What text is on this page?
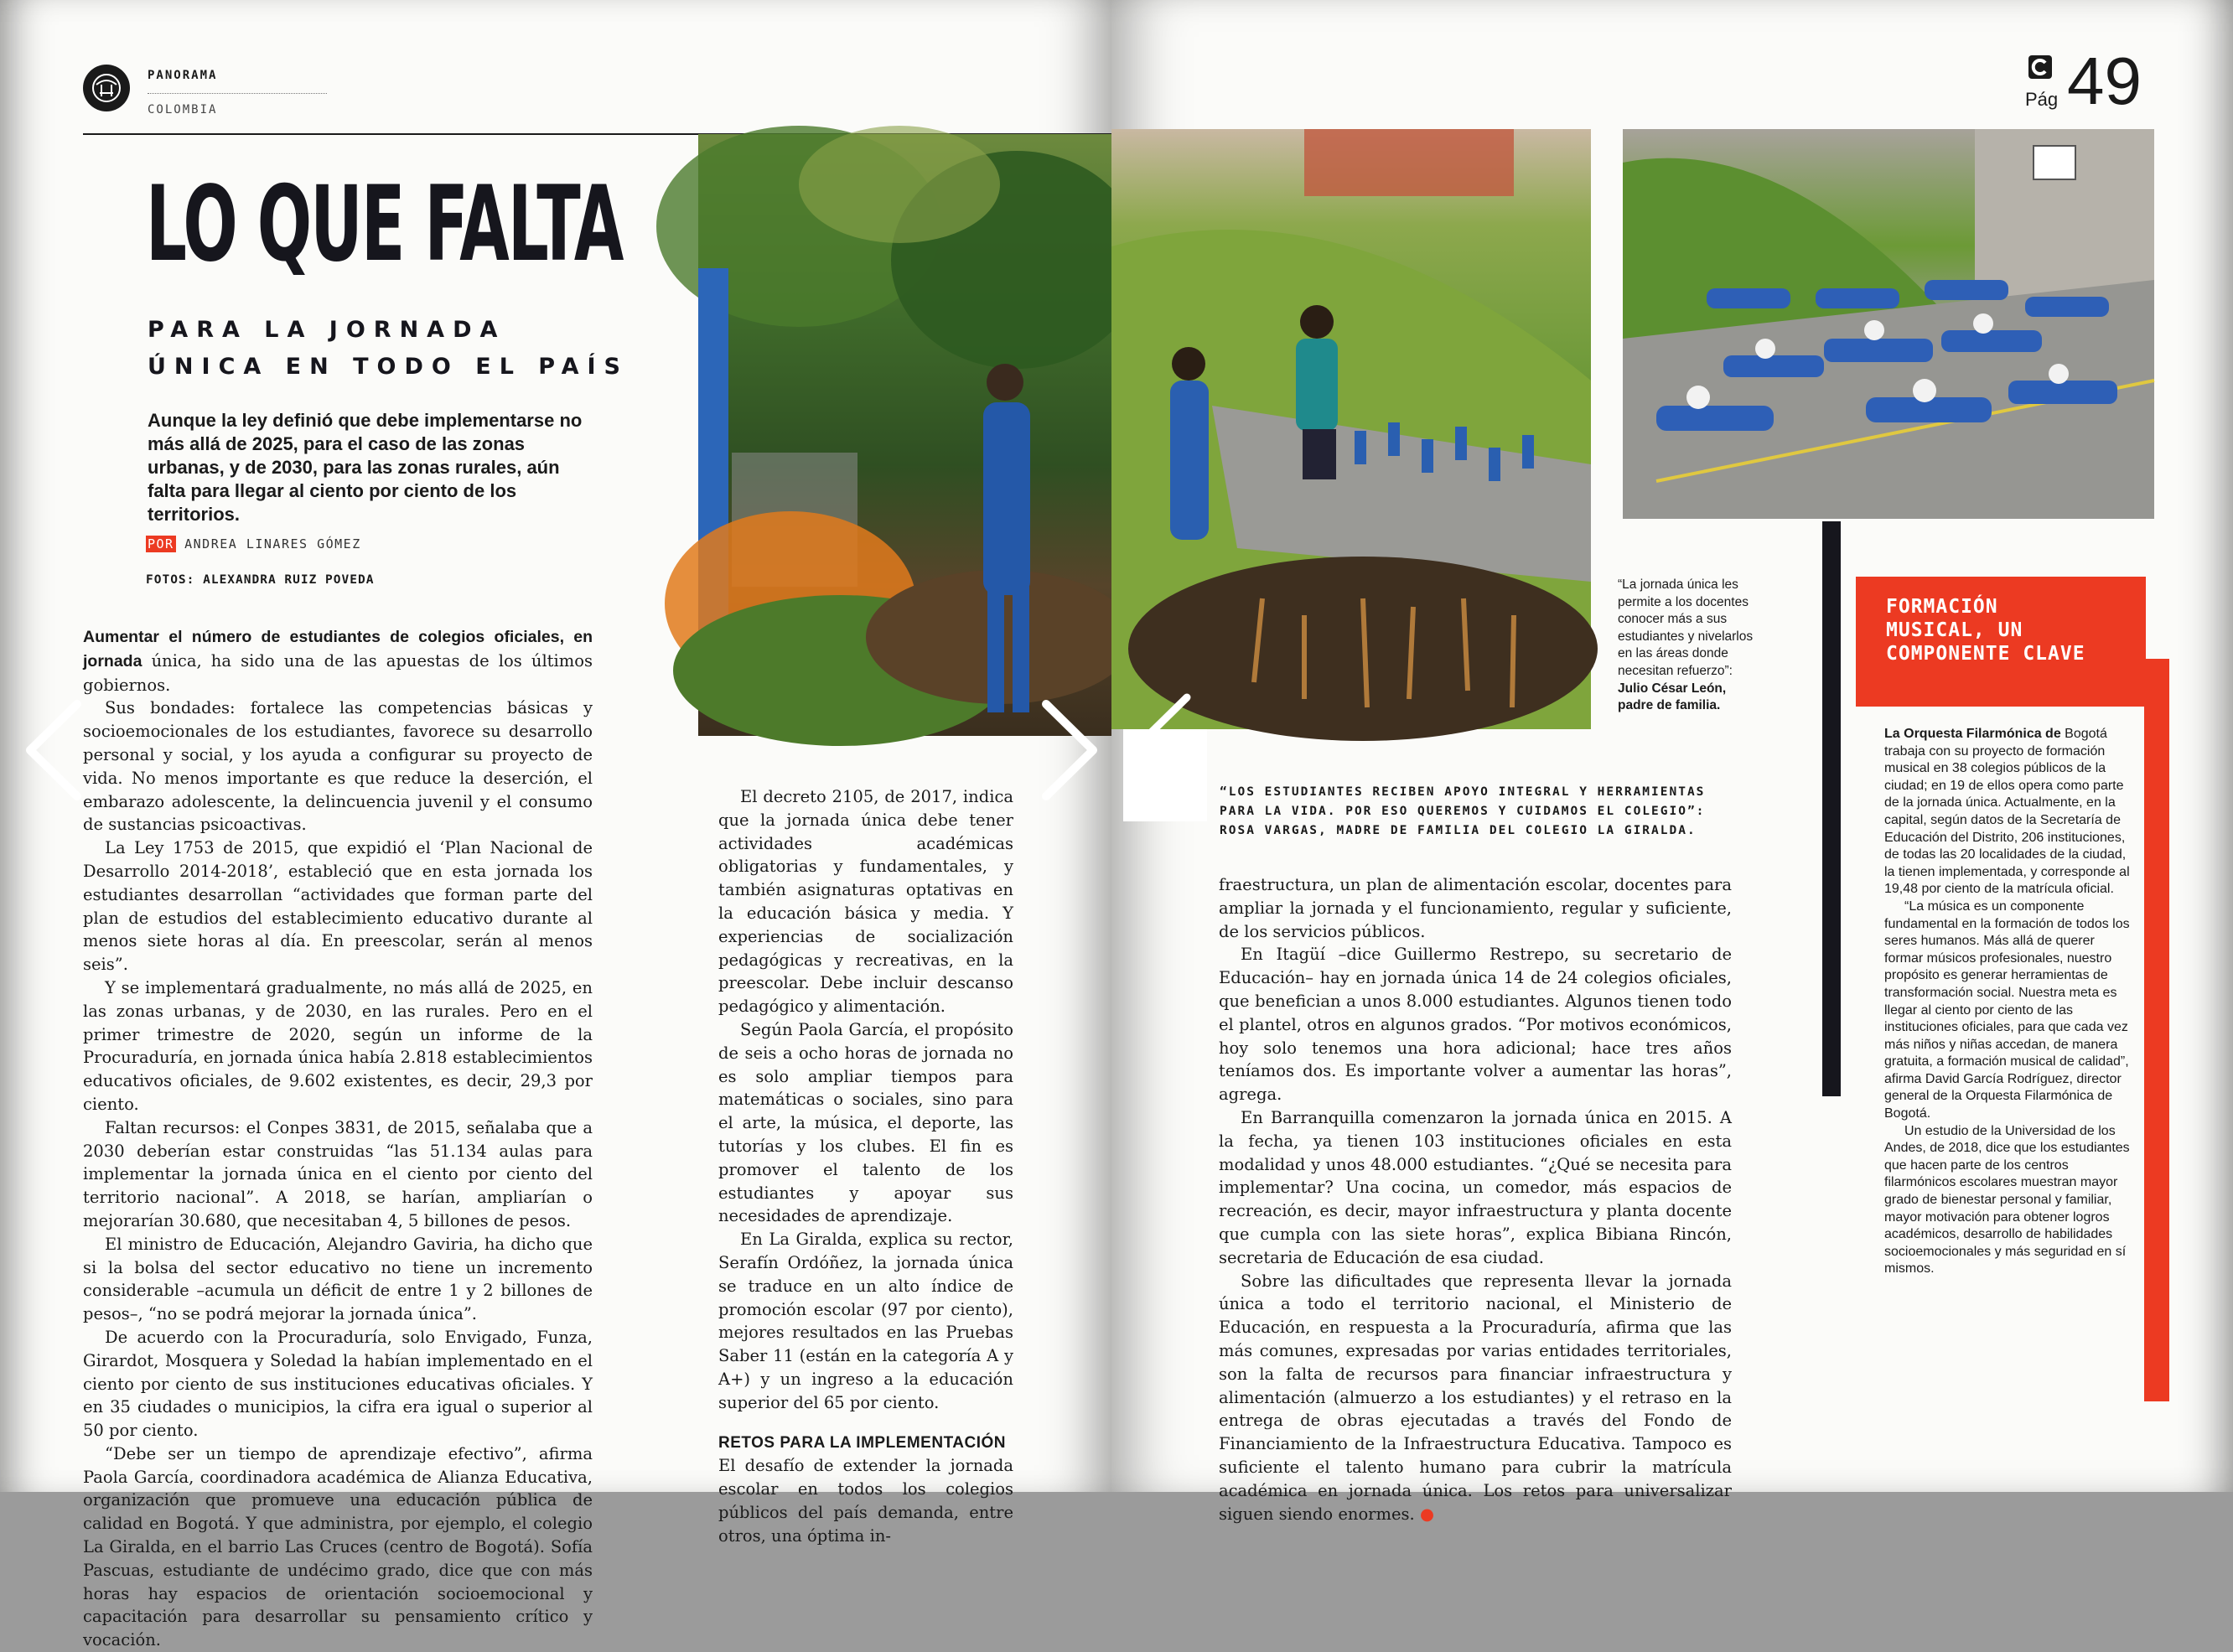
PANORAMA
COLOMBIA
LO QUE FALTA
PARA LA JORNADA
ÚNICA EN TODO EL PAÍS
Aunque la ley definió que debe implementarse no más allá de 2025, para el caso de las zonas urbanas, y de 2030, para las zonas rurales, aún falta para llegar al ciento por ciento de los territorios.
POR ANDREA LINARES GÓMEZ
FOTOS: ALEXANDRA RUIZ POVEDA

Aumentar el número de estudiantes de colegios oficiales, en jornada única, ha sido una de las apuestas de los últimos gobiernos.

Sus bondades: fortalece las competencias básicas y socioemocionales de los estudiantes, favorece su desarrollo personal y social, y los ayuda a configurar su proyecto de vida. No menos importante es que reduce la deserción, el embarazo adolescente, la delincuencia juvenil y el consumo de sustancias psicoactivas.

La Ley 1753 de 2015, que expidió el ‘Plan Nacional de Desarrollo 2014-2018’, estableció que en esta jornada los estudiantes desarrollan “actividades que forman parte del plan de estudios del establecimiento educativo durante al menos siete horas al día. En preescolar, serán al menos seis”.

Y se implementará gradualmente, no más allá de 2025, en las zonas urbanas, y de 2030, en las rurales. Pero en el primer trimestre de 2020, según un informe de la Procuraduría, en jornada única había 2.818 establecimientos educativos oficiales, de 9.602 existentes, es decir, 29,3 por ciento.

Faltan recursos: el Conpes 3831, de 2015, señalaba que a 2030 deberían estar construidas “las 51.134 aulas para implementar la jornada única en el ciento por ciento del territorio nacional”. A 2018, se harían, ampliarían o mejorarían 30.680, que necesitaban 4, 5 billones de pesos.

El ministro de Educación, Alejandro Gaviria, ha dicho que si la bolsa del sector educativo no tiene un incremento considerable –acumula un déficit de entre 1 y 2 billones de pesos–, “no se podrá mejorar la jornada única”.

De acuerdo con la Procuraduría, solo Envigado, Funza, Girardot, Mosquera y Soledad la habían implementado en el ciento por ciento de sus instituciones educativas oficiales. Y en 35 ciudades o municipios, la cifra era igual o superior al 50 por ciento.

“Debe ser un tiempo de aprendizaje efectivo”, afirma Paola García, coordinadora académica de Alianza Educativa, organización que promueve una educación pública de calidad en Bogotá. Y que administra, por ejemplo, el colegio La Giralda, en el barrio Las Cruces (centro de Bogotá). Sofía Pascuas, estudiante de undécimo grado, dice que con más horas hay espacios de orientación socioemocional y capacitación para desarrollar su pensamiento crítico y vocación.

El decreto 2105, de 2017, indica que la jornada única debe tener actividades académicas obligatorias y fundamentales, y también asignaturas optativas en la educación básica y media. Y experiencias de socialización pedagógicas y recreativas, en la preescolar. Debe incluir descanso pedagógico y alimentación.

Según Paola García, el propósito de seis a ocho horas de jornada no es solo ampliar tiempos para matemáticas o sociales, sino para el arte, la música, el deporte, las tutorías y los clubes. El fin es promover el talento de los estudiantes y apoyar sus necesidades de aprendizaje.

En La Giralda, explica su rector, Serafín Ordóñez, la jornada única se traduce en un alto índice de promoción escolar (97 por ciento), mejores resultados en las Pruebas Saber 11 (están en la categoría A y A+) y un ingreso a la educación superior del 65 por ciento.

RETOS PARA LA IMPLEMENTACIÓN

El desafío de extender la jornada escolar en todos los colegios públicos del país demanda, entre otros, una óptima in-

Pág 49
“La jornada única les permite a los docentes conocer más a sus estudiantes y nivelarlos en las áreas donde necesitan refuerzo”: Julio César León, padre de familia.
“LOS ESTUDIANTES RECIBEN APOYO INTEGRAL Y HERRAMIENTAS PARA LA VIDA. POR ESO QUEREMOS Y CUIDAMOS EL COLEGIO”: ROSA VARGAS, MADRE DE FAMILIA DEL COLEGIO LA GIRALDA.

fraestructura, un plan de alimentación escolar, docentes para ampliar la jornada y el funcionamiento, regular y suficiente, de los servicios públicos.

En Itagüí –dice Guillermo Restrepo, su secretario de Educación– hay en jornada única 14 de 24 colegios oficiales, que benefician a unos 8.000 estudiantes. Algunos tienen todo el plantel, otros en algunos grados. “Por motivos económicos, hoy solo tenemos una hora adicional; hace tres años teníamos dos. Es importante volver a aumentar las horas”, agrega.

En Barranquilla comenzaron la jornada única en 2015. A la fecha, ya tienen 103 instituciones oficiales en esta modalidad y unos 48.000 estudiantes. “¿Qué se necesita para implementar? Una cocina, un comedor, más espacios de recreación, es decir, mayor infraestructura y planta docente que cumpla con las siete horas”, explica Bibiana Rincón, secretaria de Educación de esa ciudad.

Sobre las dificultades que representa llevar la jornada única a todo el territorio nacional, el Ministerio de Educación, en respuesta a la Procuraduría, afirma que las más comunes, expresadas por varias entidades territoriales, son la falta de recursos para financiar infraestructura y alimentación (almuerzo a los estudiantes) y el retraso en la entrega de obras ejecutadas a través del Fondo de Financiamiento de la Infraestructura Educativa. Tampoco es suficiente el talento humano para cubrir la matrícula académica en jornada única. Los retos para universalizar siguen siendo enormes. ●

FORMACIÓN MUSICAL, UN COMPONENTE CLAVE

La Orquesta Filarmónica de Bogotá trabaja con su proyecto de formación musical en 38 colegios públicos de la ciudad; en 19 de ellos opera como parte de la jornada única. Actualmente, en la capital, según datos de la Secretaría de Educación del Distrito, 206 instituciones, de todas las 20 localidades de la ciudad, la tienen implementada, y corresponde al 19,48 por ciento de la matrícula oficial.

“La música es un componente fundamental en la formación de todos los seres humanos. Más allá de querer formar músicos profesionales, nuestro propósito es generar herramientas de transformación social. Nuestra meta es llegar al ciento por ciento de las instituciones oficiales, para que cada vez más niños y niñas accedan, de manera gratuita, a formación musical de calidad”, afirma David García Rodríguez, director general de la Orquesta Filarmónica de Bogotá.

Un estudio de la Universidad de los Andes, de 2018, dice que los estudiantes que hacen parte de los centros filarmónicos escolares muestran mayor grado de bienestar personal y familiar, mayor motivación para obtener logros académicos, desarrollo de habilidades socioemocionales y más seguridad en sí mismos.
